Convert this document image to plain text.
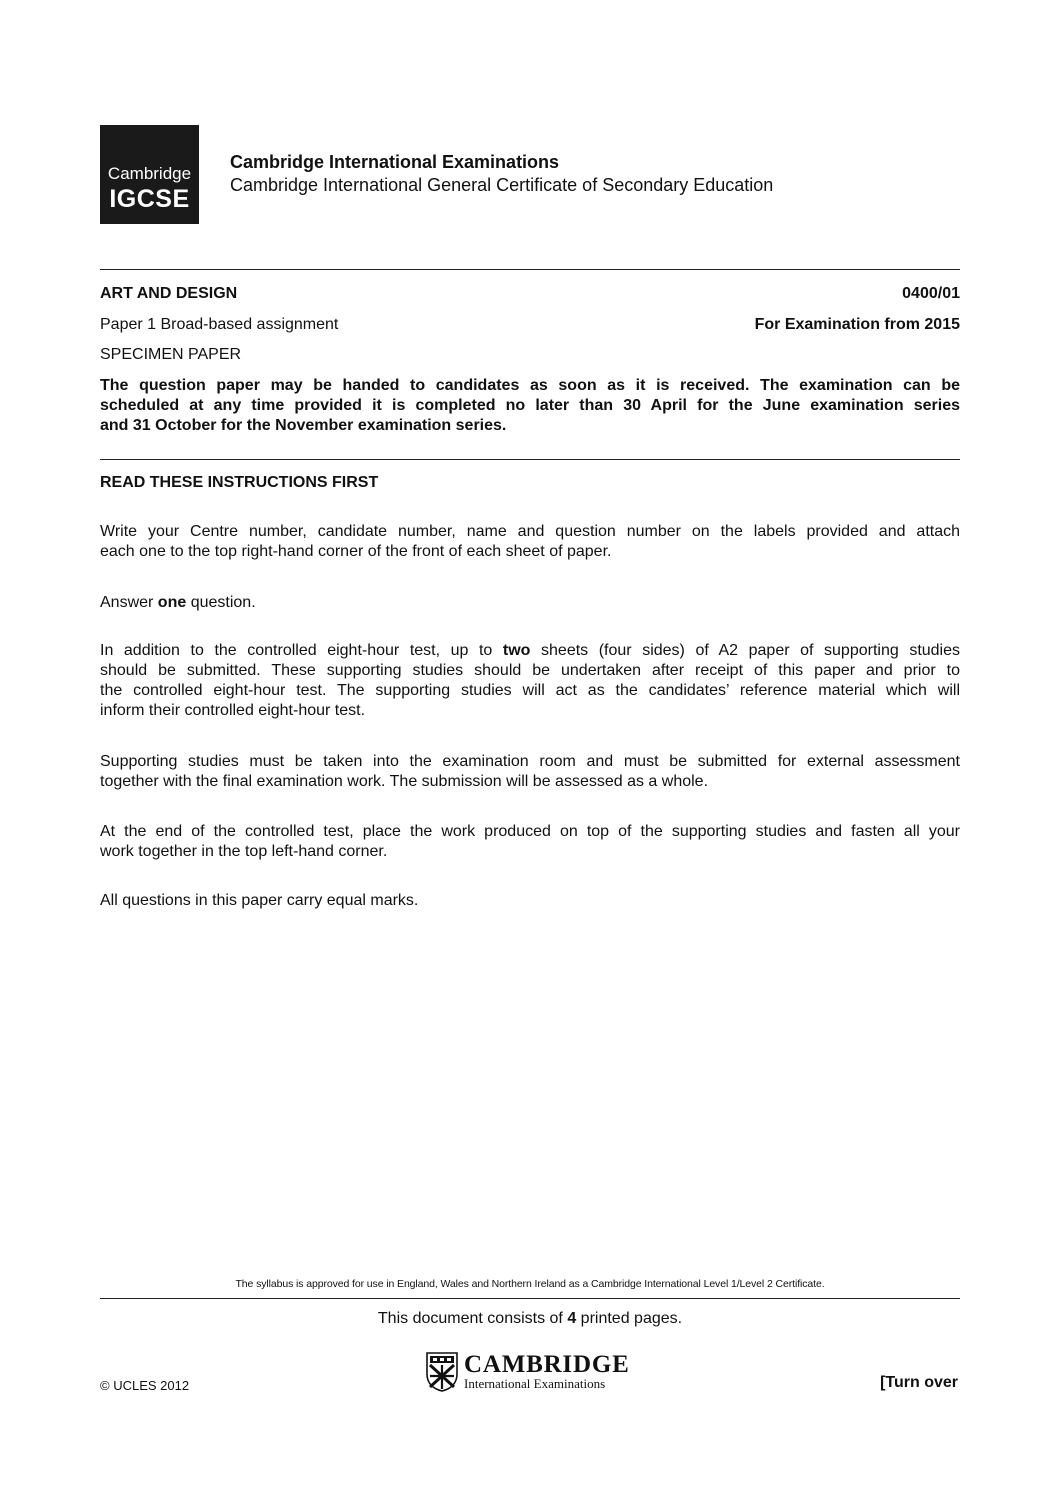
Cambridge
IGCSE
Cambridge International Examinations
Cambridge International General Certificate of Secondary Education
ART AND DESIGN	0400/01
Paper 1 Broad-based assignment	For Examination from 2015
SPECIMEN PAPER

The question paper may be handed to candidates as soon as it is received. The examination can be

scheduled at any time provided it is completed no later than 30 April for the June examination series

and 31 October for the November examination series.

READ THESE INSTRUCTIONS FIRST

Write your Centre number, candidate number, name and question number on the labels provided and attach

each one to the top right-hand corner of the front of each sheet of paper.

Answer one question.

In addition to the controlled eight-hour test, up to two sheets (four sides) of A2 paper of supporting studies

should be submitted. These supporting studies should be undertaken after receipt of this paper and prior to

the controlled eight-hour test. The supporting studies will act as the candidates’ reference material which will

inform their controlled eight-hour test.

Supporting studies must be taken into the examination room and must be submitted for external assessment

together with the final examination work. The submission will be assessed as a whole.

At the end of the controlled test, place the work produced on top of the supporting studies and fasten all your

work together in the top left-hand corner.

All questions in this paper carry equal marks.

The syllabus is approved for use in England, Wales and Northern Ireland as a Cambridge International Level 1/Level 2 Certificate.
This document consists of 4 printed pages.
© UCLES 2012
CAMBRIDGE
International Examinations	[Turn over
